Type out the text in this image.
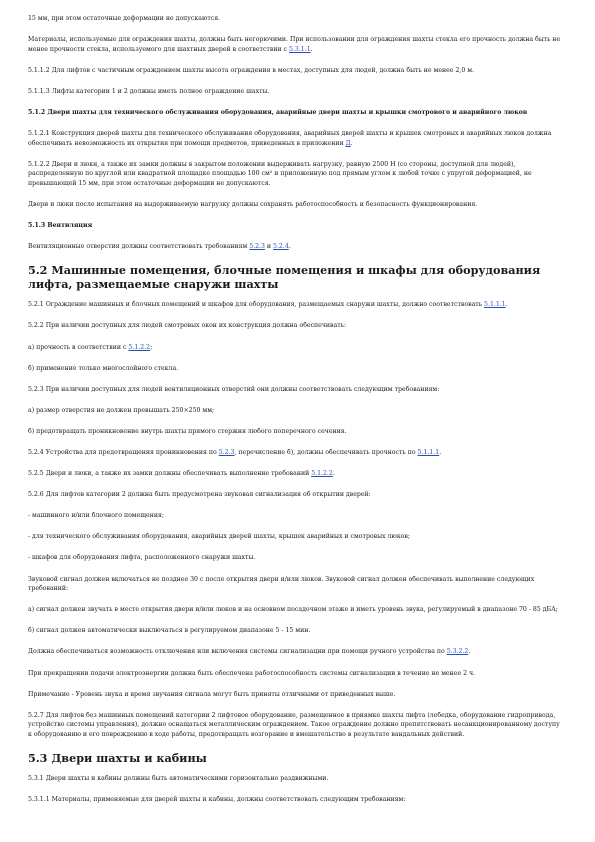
15 мм, при этом остаточные деформации не допускаются.

Материалы, используемые для ограждения шахты, должны быть негорючими. При использовании для ограждения шахты стекла его прочность должна быть не менее прочности стекла, используемого для шахтных дверей в соответствии с 5.3.1.1.

5.1.1.2 Для лифтов с частичным ограждением шахты высота ограждения в местах, доступных для людей, должна быть не менее 2,0 м.

5.1.1.3 Лифты категории 1 и 2 должны иметь полное ограждение шахты.

5.1.2 Двери шахты для технического обслуживания оборудования, аварийные двери шахты и крышки смотрового и аварийного люков

5.1.2.1 Конструкция дверей шахты для технического обслуживания оборудования, аварийных дверей шахты и крышек смотровых и аварийных люков должна обеспечивать невозможность их открытия при помощи предметов, приведенных в приложении Д.

5.1.2.2 Двери и люки, а также их замки должны в закрытом положении выдерживать нагрузку, равную 2500 Н (со стороны, доступной для людей), распределенную по круглой или квадратной площадке площадью 100 см² и приложенную под прямым углом к любой точке с упругой деформацией, не превышающей 15 мм, при этом остаточные деформации не допускаются.

Двери и люки после испытания на выдерживаемую нагрузку должны сохранять работоспособность и безопасность функционирования.

5.1.3 Вентиляция

Вентиляционные отверстия должны соответствовать требованиям 5.2.3 и 5.2.4.

5.2 Машинные помещения, блочные помещения и шкафы для оборудования лифта, размещаемые снаружи шахты

5.2.1 Ограждение машинных и блочных помещений и шкафов для оборудования, размещаемых снаружи шахты, должно соответствовать 5.1.1.1.

5.2.2 При наличии доступных для людей смотровых окон их конструкция должна обеспечивать:

а) прочность в соответствии с 5.1.2.2;

б) применение только многослойного стекла.

5.2.3 При наличии доступных для людей вентиляционных отверстий они должны соответствовать следующим требованиям:

а) размер отверстия не должен превышать 250×250 мм;

б) предотвращать проникновение внутрь шахты прямого стержня любого поперечного сечения.

5.2.4 Устройства для предотвращения проникновения по 5.2.3, перечисление б), должны обеспечивать прочность по 5.1.1.1.

5.2.5 Двери и люки, а также их замки должны обеспечивать выполнение требований 5.1.2.2.

5.2.6 Для лифтов категории 2 должна быть предусмотрена звуковая сигнализация об открытии дверей:

- машинного и/или блочного помещения;

- для технического обслуживания оборудования, аварийных дверей шахты, крышек аварийных и смотровых люков;

- шкафов для оборудования лифта, расположенного снаружи шахты.

Звуковой сигнал должен включаться не позднее 30 с после открытия двери и/или люков. Звуковой сигнал должен обеспечивать выполнение следующих требований:

а) сигнал должен звучать в месте открытия двери и/или люков и на основном посадочном этаже и иметь уровень звука, регулируемый в диапазоне 70 - 85 дБА;

б) сигнал должен автоматически выключаться в регулируемом диапазоне 5 - 15 мин.

Должна обеспечиваться возможность отключения или включения системы сигнализации при помощи ручного устройства по 5.3.2.2.

При прекращении подачи электроэнергии должна быть обеспечена работоспособность системы сигнализации в течение не менее 2 ч.

Примечание - Уровень звука и время звучания сигнала могут быть приняты отличными от приведенных выше.

5.2.7 Для лифтов без машинных помещений категории 2 лифтовое оборудование, размещенное в приямке шахты лифта (лебедка, оборудование гидропривода, устройство системы управления), должно оснащаться металлическим ограждением. Такое ограждение должно препятствовать несанкционированному доступу к оборудованию и его повреждению в ходе работы, предотвращать возгорание и вмешательство в результате вандальных действий.

5.3 Двери шахты и кабины

5.3.1 Двери шахты и кабины должны быть автоматическими горизонтально раздвижными.

5.3.1.1 Материалы, применяемые для дверей шахты и кабины, должны соответствовать следующим требованиям:
